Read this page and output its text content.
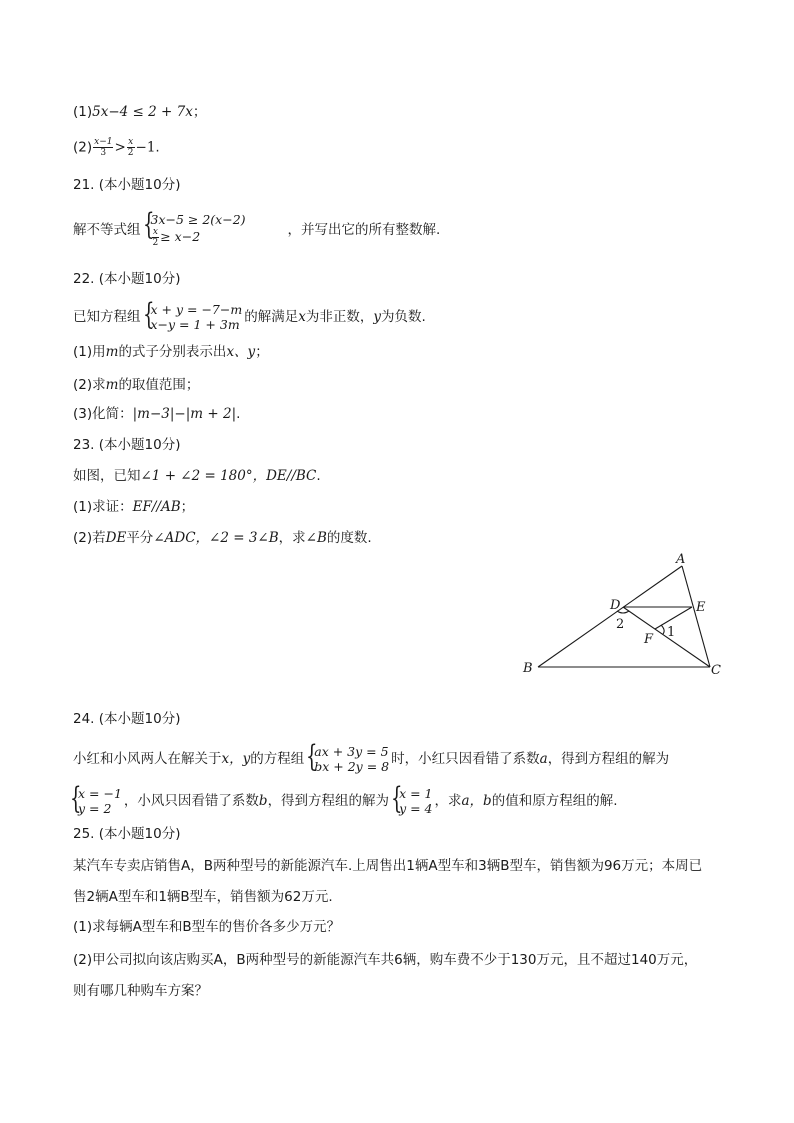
(1)5x−4 ≤ 2 + 7x；
$(2) \frac{x-1}{3} > \frac{x}{2} -1$.
21. (本小题10分)
解不等式组 {
3x−5 ≥ 2(x−2)
$\frac{x}{2} \ge x-2$	，并写出它的所有整数解.
22. (本小题10分)
已知方程组 {
x + y = −7−m
x−y = 1 + 3m 的解满足x为非正数，y为负数.
(1)用m的式子分别表示出x、y；
(2)求m的取值范围；
(3)化简：|m−3|−|m + 2|.
23. (本小题10分)
如图，已知∠1 + ∠2 = 180°，DE//BC.
(1)求证：EF//AB；
(2)若DE平分∠ADC，∠2 = 3∠B，求∠B的度数.
A
B	C
D	E
F 1
2
24. (本小题10分)
小红和小风两人在解关于x，y的方程组 {
ax + 3y = 5
bx + 2y = 8 时，小红只因看错了系数a，得到方程组的解为
{
x = −1
y = 2 ，小风只因看错了系数b，得到方程组的解为 {
x = 1
y = 4 ，求a，b的值和原方程组的解.
25. (本小题10分)
某汽车专卖店销售A，B两种型号的新能源汽车.上周售出1辆A型车和3辆B型车，销售额为96万元；本周已
售2辆A型车和1辆B型车，销售额为62万元.
(1)求每辆A型车和B型车的售价各多少万元？
(2)甲公司拟向该店购买A，B两种型号的新能源汽车共6辆，购车费不少于130万元，且不超过140万元，
则有哪几种购车方案？
